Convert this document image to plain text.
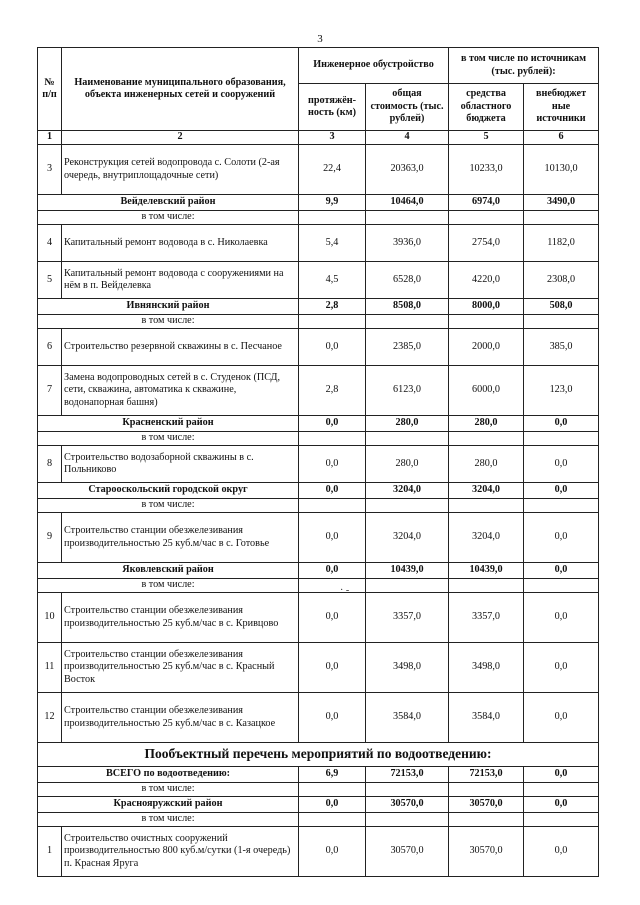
3
№ п/п	Наименование муниципального образования, объекта инженерных сетей и сооружений	Инженерное обустройство		в том числе по источникам (тыс. рублей):	
		протяжён-ность (км)	общая стоимость (тыс. рублей)	средства областного бюджета	внебюджет ные источники
1	2	3	4	5	6
3	Реконструкция сетей водопровода с. Солоти (2-ая очередь, внутриплощадочные сети)	22,4	20363,0	10233,0	10130,0
Вейделевский район		9,9	10464,0	6974,0	3490,0
в том числе:					
4	Капитальный ремонт водовода в с. Николаевка	5,4	3936,0	2754,0	1182,0
5	Капитальный ремонт водовода с сооружениями на нём в п. Вейделевка	4,5	6528,0	4220,0	2308,0
Ивнянский район		2,8	8508,0	8000,0	508,0
в том числе:					
6	Строительство резервной скважины в с. Песчаное	0,0	2385,0	2000,0	385,0
7	Замена водопроводных сетей в с. Студенок (ПСД, сети, скважина, автоматика к скважине, водонапорная башня)	2,8	6123,0	6000,0	123,0
Красненский район		0,0	280,0	280,0	0,0
в том числе:					
8	Строительство водозаборной скважины в с. Польниково	0,0	280,0	280,0	0,0
Старооскольский городской округ		0,0	3204,0	3204,0	0,0
в том числе:					
9	Строительство станции обезжелезивания производительностью 25 куб.м/час в с. Готовье	0,0	3204,0	3204,0	0,0
Яковлевский район		0,0	10439,0	10439,0	0,0
в том числе:					
10	Строительство станции обезжелезивания производительностью 25 куб.м/час в с. Кривцово	0,0	3357,0	3357,0	0,0
11	Строительство станции обезжелезивания производительностью 25 куб.м/час в с. Красный Восток	0,0	3498,0	3498,0	0,0
12	Строительство станции обезжелезивания производительностью 25 куб.м/час в с. Казацкое	0,0	3584,0	3584,0	0,0
Пообъектный перечень мероприятий по водоотведению:					
ВСЕГО по водоотведению:		6,9	72153,0	72153,0	0,0
в том числе:					
Краснояружский район		0,0	30570,0	30570,0	0,0
в том числе:					
1	Строительство очистных сооружений производительностью 800 куб.м/сутки (1-я очередь) п. Красная Яруга	0,0	30570,0	30570,0	0,0
· -
